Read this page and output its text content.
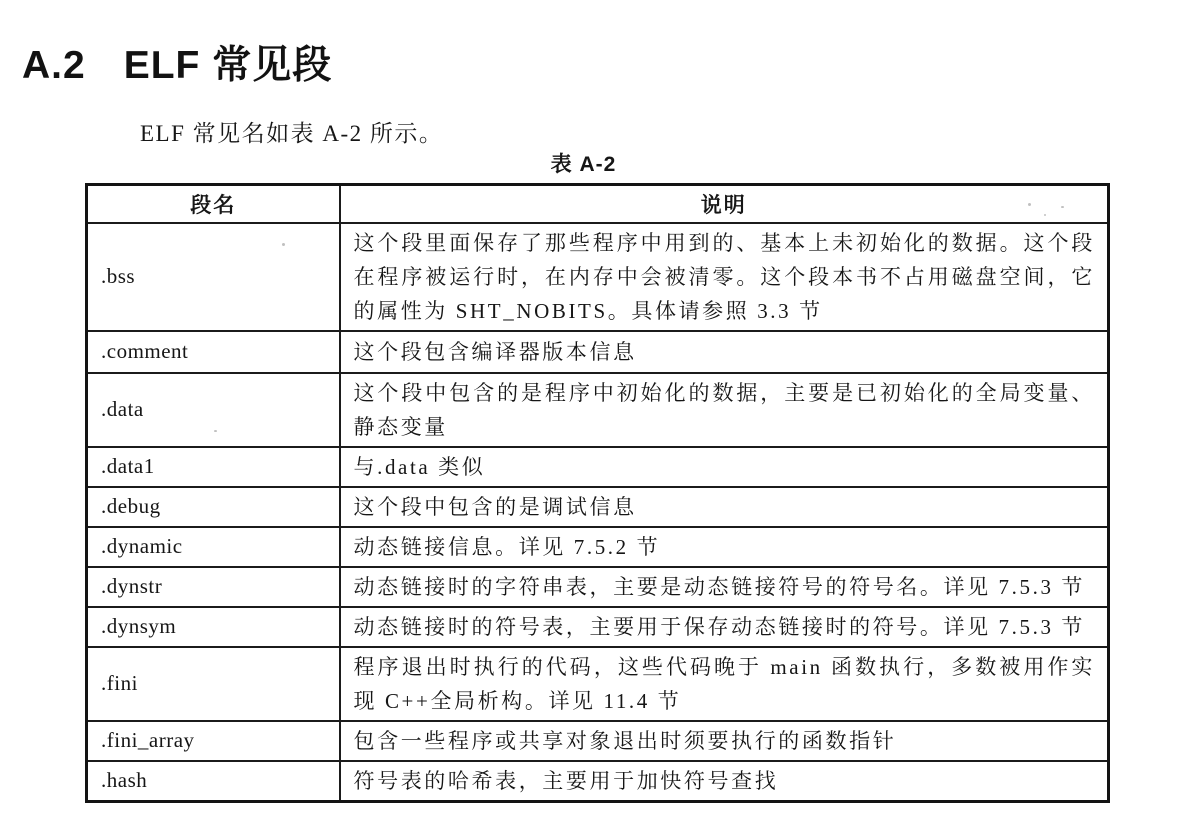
A.2 ELF 常见段

ELF 常见名如表 A-2 所示。

表 A-2
段名	说明
.bss	这个段里面保存了那些程序中用到的、基本上未初始化的数据。这个段在程序被运行时，在内存中会被清零。这个段本书不占用磁盘空间，它的属性为 SHT_NOBITS。具体请参照 3.3 节
.comment	这个段包含编译器版本信息
.data	这个段中包含的是程序中初始化的数据，主要是已初始化的全局变量、静态变量
.data1	与.data 类似
.debug	这个段中包含的是调试信息
.dynamic	动态链接信息。详见 7.5.2 节
.dynstr	动态链接时的字符串表，主要是动态链接符号的符号名。详见 7.5.3 节
.dynsym	动态链接时的符号表，主要用于保存动态链接时的符号。详见 7.5.3 节
.fini	程序退出时执行的代码，这些代码晚于 main 函数执行，多数被用作实现 C++全局析构。详见 11.4 节
.fini_array	包含一些程序或共享对象退出时须要执行的函数指针
.hash	符号表的哈希表，主要用于加快符号查找
